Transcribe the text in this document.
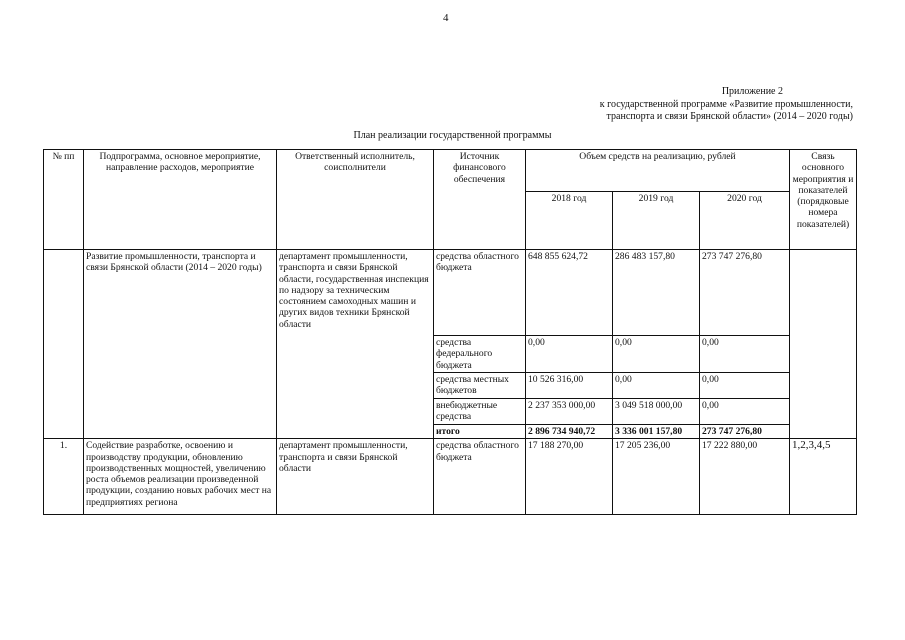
4
Приложение 2
к государственной программе «Развитие промышленности,
транспорта и связи Брянской области» (2014 – 2020 годы)
План реализации государственной программы
№ пп	Подпрограмма, основное мероприятие, направление расходов, мероприятие	Ответственный исполнитель, соисполнители	Источник финансового обеспечения	Объем средств на реализацию, рублей			Связь основного мероприятия и показателей (порядковые номера показателей)
				2018 год	2019 год	2020 год	
	Развитие промышленности, транспорта и связи Брянской области (2014 – 2020 годы)	департамент промышленности, транспорта и связи Брянской области, государственная инспекция по надзору за техническим состоянием самоходных машин и других видов техники Брянской области	средства областного бюджета	648 855 624,72	286 483 157,80	273 747 276,80	
			средства федерального бюджета	0,00	0,00	0,00	
			средства местных бюджетов	10 526 316,00	0,00	0,00	
			внебюджетные средства	2 237 353 000,00	3 049 518 000,00	0,00	
			итого	2 896 734 940,72	3 336 001 157,80	273 747 276,80	
1.	Содействие разработке, освоению и производству продукции, обновлению производственных мощностей, увеличению роста объемов реализации произведенной продукции, созданию новых рабочих мест на предприятиях региона	департамент промышленности, транспорта и связи Брянской области	средства областного бюджета	17 188 270,00	17 205 236,00	17 222 880,00	1,2,3,4,5
